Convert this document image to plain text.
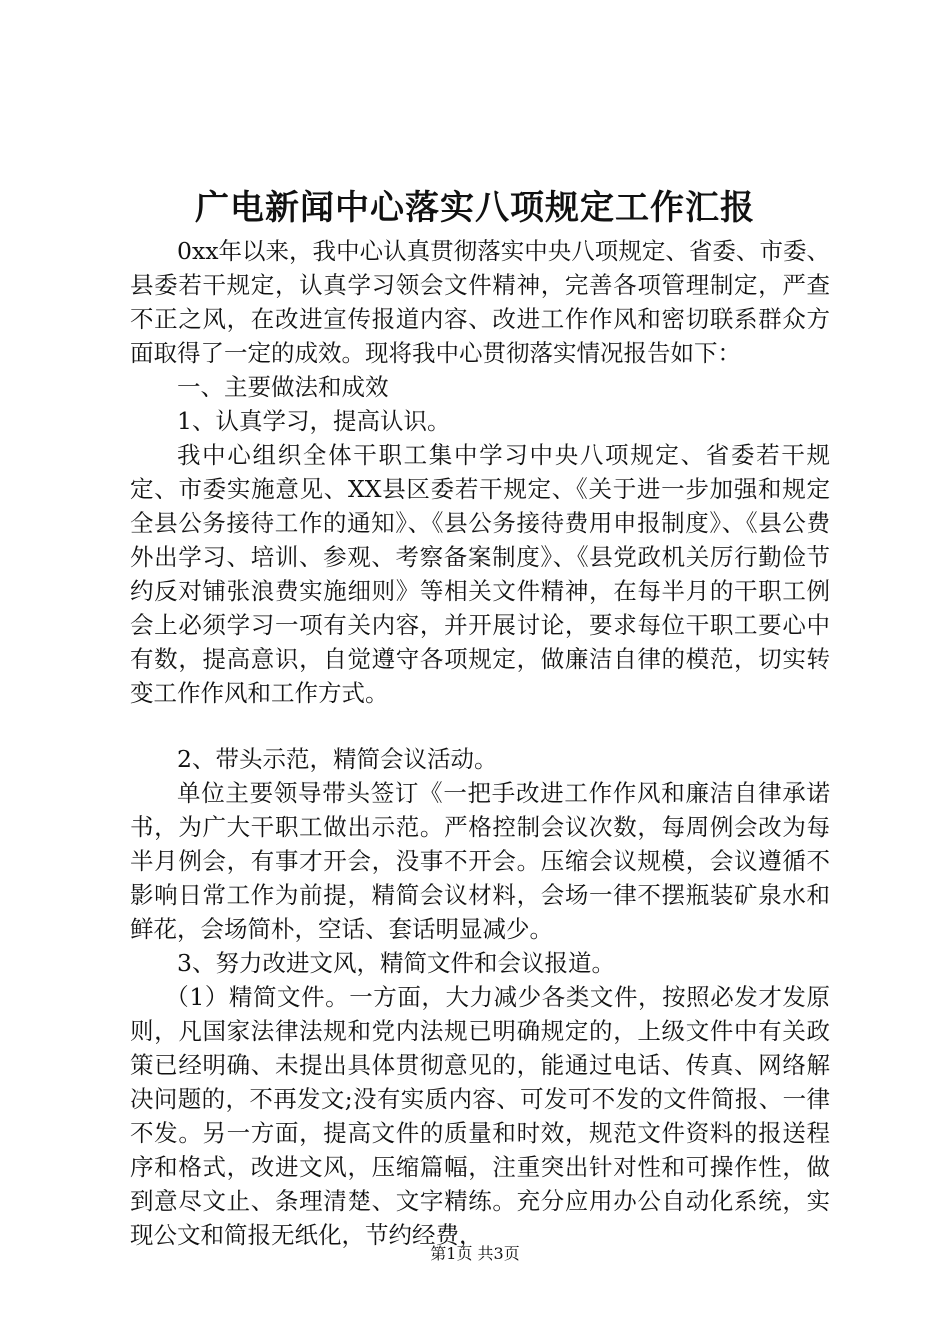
广电新闻中心落实八项规定工作汇报

0xx年以来，我中心认真贯彻落实中央八项规定、省委、市委、县委若干规定，认真学习领会文件精神，完善各项管理制定，严查不正之风，在改进宣传报道内容、改进工作作风和密切联系群众方面取得了一定的成效。现将我中心贯彻落实情况报告如下：

一、主要做法和成效

1、认真学习，提高认识。

我中心组织全体干职工集中学习中央八项规定、省委若干规定、市委实施意见、XX县区委若干规定、《关于进一步加强和规定全县公务接待工作的通知》、《县公务接待费用申报制度》、《县公费外出学习、培训、参观、考察备案制度》、《县党政机关厉行勤俭节约反对铺张浪费实施细则》等相关文件精神，在每半月的干职工例会上必须学习一项有关内容，并开展讨论，要求每位干职工要心中有数，提高意识，自觉遵守各项规定，做廉洁自律的模范，切实转变工作作风和工作方式。

2、带头示范，精简会议活动。

单位主要领导带头签订《一把手改进工作作风和廉洁自律承诺书，为广大干职工做出示范。严格控制会议次数，每周例会改为每半月例会，有事才开会，没事不开会。压缩会议规模，会议遵循不影响日常工作为前提，精简会议材料，会场一律不摆瓶装矿泉水和鲜花，会场简朴，空话、套话明显减少。

3、努力改进文风，精简文件和会议报道。

（1）精简文件。一方面，大力减少各类文件，按照必发才发原则，凡国家法律法规和党内法规已明确规定的，上级文件中有关政策已经明确、未提出具体贯彻意见的，能通过电话、传真、网络解决问题的，不再发文;没有实质内容、可发可不发的文件简报、一律不发。另一方面，提高文件的质量和时效，规范文件资料的报送程序和格式，改进文风，压缩篇幅，注重突出针对性和可操作性，做到意尽文止、条理清楚、文字精练。充分应用办公自动化系统，实现公文和简报无纸化，节约经费，

第1页 共3页
